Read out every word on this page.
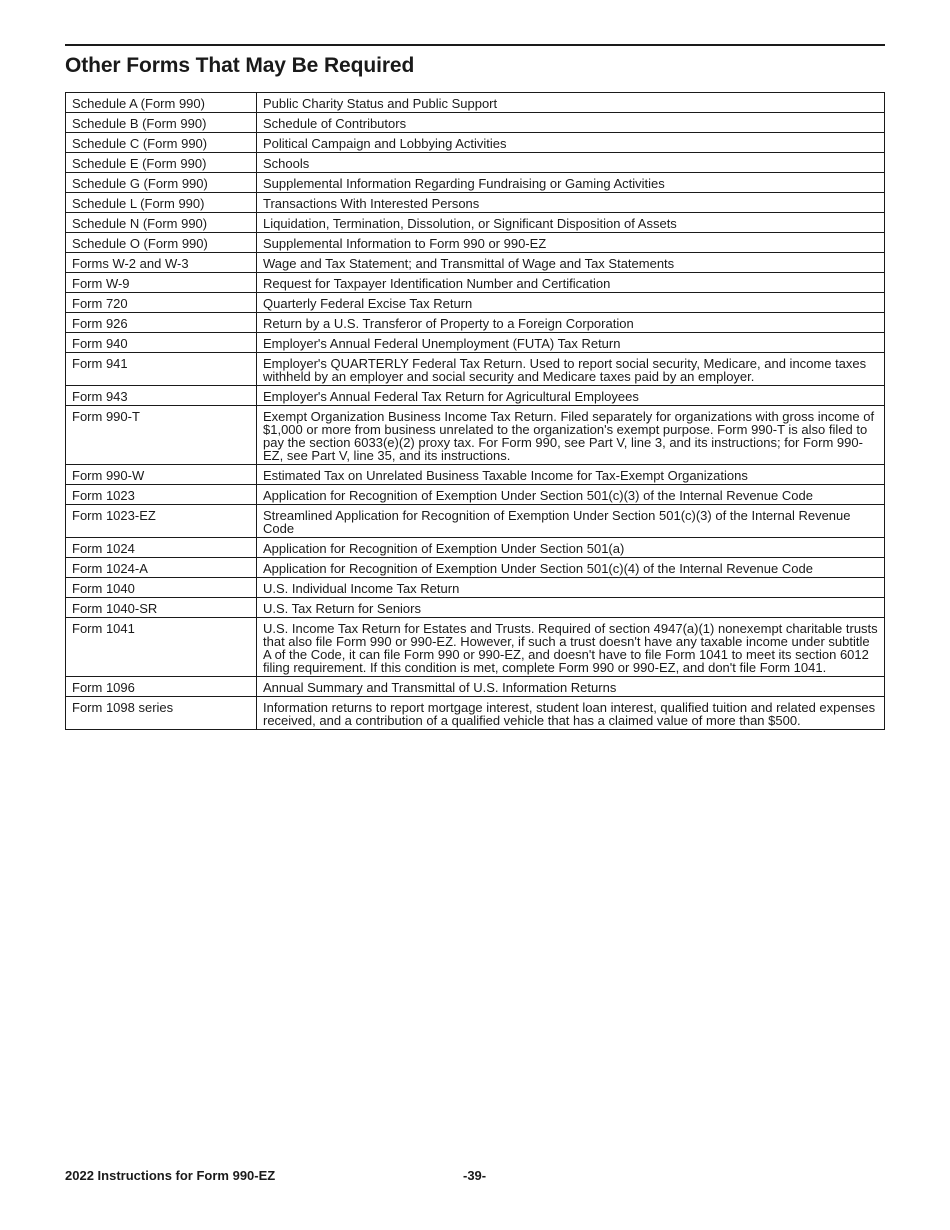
Other Forms That May Be Required
Schedule A (Form 990)	Public Charity Status and Public Support
Schedule B (Form 990)	Schedule of Contributors
Schedule C (Form 990)	Political Campaign and Lobbying Activities
Schedule E (Form 990)	Schools
Schedule G (Form 990)	Supplemental Information Regarding Fundraising or Gaming Activities
Schedule L (Form 990)	Transactions With Interested Persons
Schedule N (Form 990)	Liquidation, Termination, Dissolution, or Significant Disposition of Assets
Schedule O (Form 990)	Supplemental Information to Form 990 or 990-EZ
Forms W-2 and W-3	Wage and Tax Statement; and Transmittal of Wage and Tax Statements
Form W-9	Request for Taxpayer Identification Number and Certification
Form 720	Quarterly Federal Excise Tax Return
Form 926	Return by a U.S. Transferor of Property to a Foreign Corporation
Form 940	Employer's Annual Federal Unemployment (FUTA) Tax Return
Form 941	Employer's QUARTERLY Federal Tax Return. Used to report social security, Medicare, and income taxes withheld by an employer and social security and Medicare taxes paid by an employer.
Form 943	Employer's Annual Federal Tax Return for Agricultural Employees
Form 990-T	Exempt Organization Business Income Tax Return. Filed separately for organizations with gross income of $1,000 or more from business unrelated to the organization's exempt purpose. Form 990-T is also filed to pay the section 6033(e)(2) proxy tax. For Form 990, see Part V, line 3, and its instructions; for Form 990-EZ, see Part V, line 35, and its instructions.
Form 990-W	Estimated Tax on Unrelated Business Taxable Income for Tax-Exempt Organizations
Form 1023	Application for Recognition of Exemption Under Section 501(c)(3) of the Internal Revenue Code
Form 1023-EZ	Streamlined Application for Recognition of Exemption Under Section 501(c)(3) of the Internal Revenue Code
Form 1024	Application for Recognition of Exemption Under Section 501(a)
Form 1024-A	Application for Recognition of Exemption Under Section 501(c)(4) of the Internal Revenue Code
Form 1040	U.S. Individual Income Tax Return
Form 1040-SR	U.S. Tax Return for Seniors
Form 1041	U.S. Income Tax Return for Estates and Trusts. Required of section 4947(a)(1) nonexempt charitable trusts that also file Form 990 or 990-EZ. However, if such a trust doesn't have any taxable income under subtitle A of the Code, it can file Form 990 or 990-EZ, and doesn't have to file Form 1041 to meet its section 6012 filing requirement. If this condition is met, complete Form 990 or 990-EZ, and don't file Form 1041.
Form 1096	Annual Summary and Transmittal of U.S. Information Returns
Form 1098 series	Information returns to report mortgage interest, student loan interest, qualified tuition and related expenses received, and a contribution of a qualified vehicle that has a claimed value of more than $500.
2022 Instructions for Form 990-EZ	-39-
